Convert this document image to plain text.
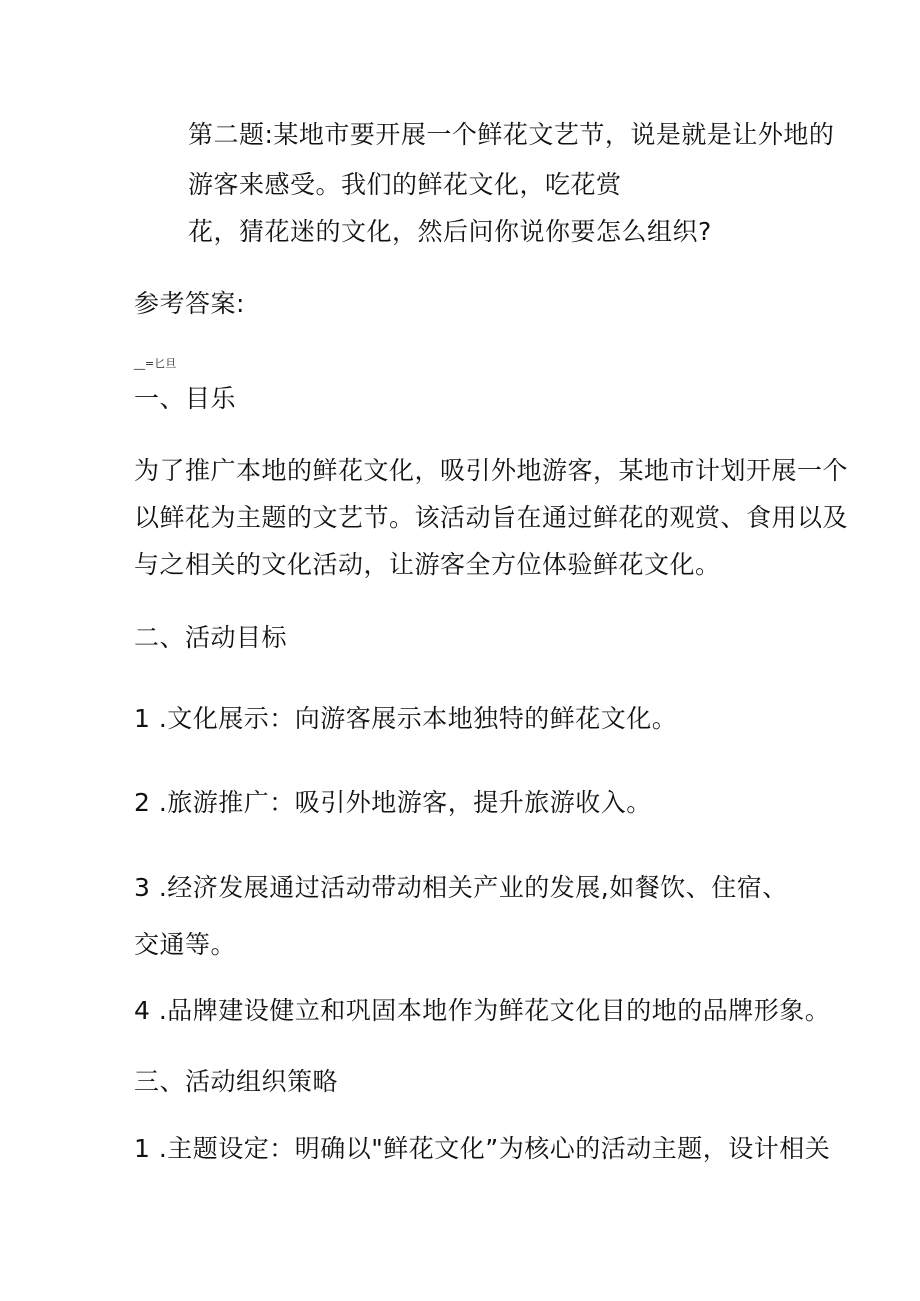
第二题:某地市要开展一个鲜花文艺节，说是就是让外地的
游客来感受。我们的鲜花文化，吃花赏
花，猜花迷的文化，然后问你说你要怎么组织?
参考答案:
__=匕旦
一、目乐
为了推广本地的鲜花文化，吸引外地游客，某地市计划开展一个
以鲜花为主题的文艺节。该活动旨在通过鲜花的观赏、食用以及
与之相关的文化活动，让游客全方位体验鲜花文化。
二、活动目标
1 .文化展示：向游客展示本地独特的鲜花文化。
2 .旅游推广：吸引外地游客，提升旅游收入。
3 .经济发展通过活动带动相关产业的发展,如餐饮、住宿、
交通等。
4 .品牌建设健立和巩固本地作为鲜花文化目的地的品牌形象。
三、活动组织策略
1 .主题设定：明确以"鲜花文化”为核心的活动主题，设计相关
